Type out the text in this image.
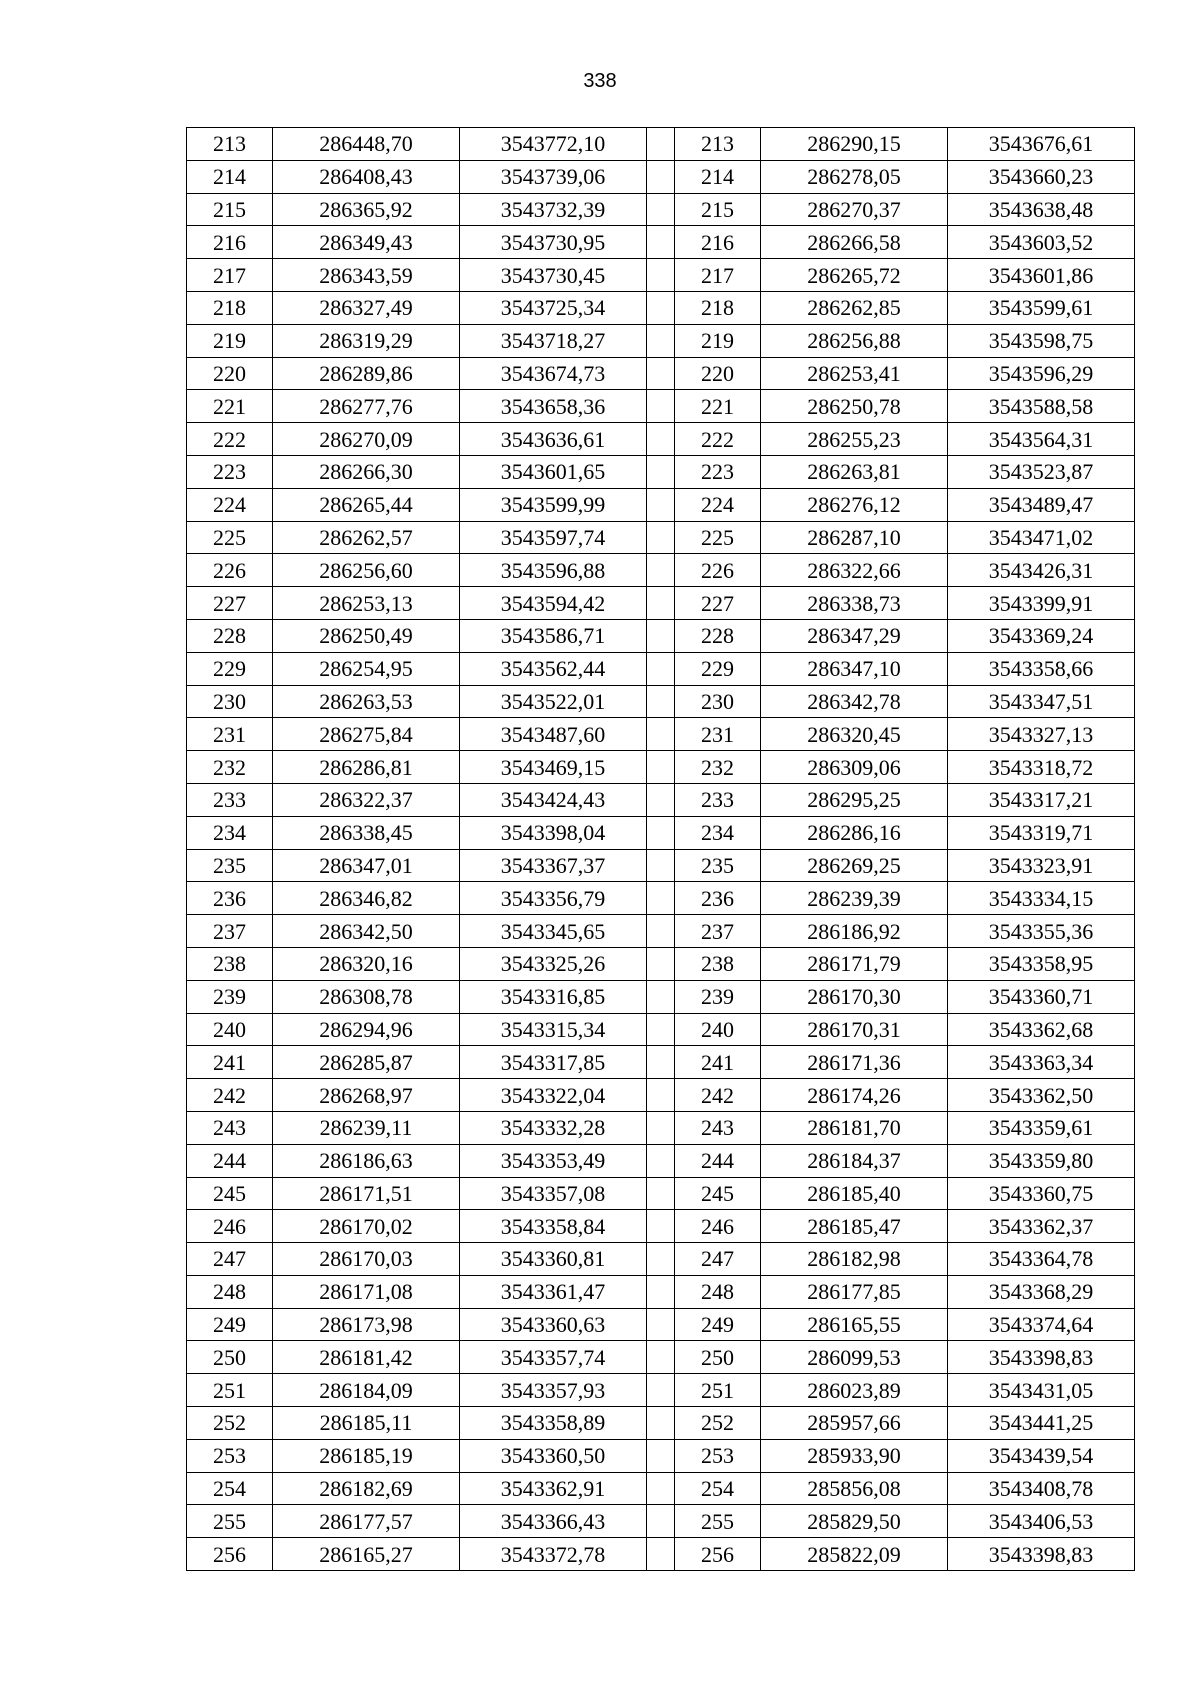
338
213	286448,70	3543772,10		213	286290,15	3543676,61
214	286408,43	3543739,06		214	286278,05	3543660,23
215	286365,92	3543732,39		215	286270,37	3543638,48
216	286349,43	3543730,95		216	286266,58	3543603,52
217	286343,59	3543730,45		217	286265,72	3543601,86
218	286327,49	3543725,34		218	286262,85	3543599,61
219	286319,29	3543718,27		219	286256,88	3543598,75
220	286289,86	3543674,73		220	286253,41	3543596,29
221	286277,76	3543658,36		221	286250,78	3543588,58
222	286270,09	3543636,61		222	286255,23	3543564,31
223	286266,30	3543601,65		223	286263,81	3543523,87
224	286265,44	3543599,99		224	286276,12	3543489,47
225	286262,57	3543597,74		225	286287,10	3543471,02
226	286256,60	3543596,88		226	286322,66	3543426,31
227	286253,13	3543594,42		227	286338,73	3543399,91
228	286250,49	3543586,71		228	286347,29	3543369,24
229	286254,95	3543562,44		229	286347,10	3543358,66
230	286263,53	3543522,01		230	286342,78	3543347,51
231	286275,84	3543487,60		231	286320,45	3543327,13
232	286286,81	3543469,15		232	286309,06	3543318,72
233	286322,37	3543424,43		233	286295,25	3543317,21
234	286338,45	3543398,04		234	286286,16	3543319,71
235	286347,01	3543367,37		235	286269,25	3543323,91
236	286346,82	3543356,79		236	286239,39	3543334,15
237	286342,50	3543345,65		237	286186,92	3543355,36
238	286320,16	3543325,26		238	286171,79	3543358,95
239	286308,78	3543316,85		239	286170,30	3543360,71
240	286294,96	3543315,34		240	286170,31	3543362,68
241	286285,87	3543317,85		241	286171,36	3543363,34
242	286268,97	3543322,04		242	286174,26	3543362,50
243	286239,11	3543332,28		243	286181,70	3543359,61
244	286186,63	3543353,49		244	286184,37	3543359,80
245	286171,51	3543357,08		245	286185,40	3543360,75
246	286170,02	3543358,84		246	286185,47	3543362,37
247	286170,03	3543360,81		247	286182,98	3543364,78
248	286171,08	3543361,47		248	286177,85	3543368,29
249	286173,98	3543360,63		249	286165,55	3543374,64
250	286181,42	3543357,74		250	286099,53	3543398,83
251	286184,09	3543357,93		251	286023,89	3543431,05
252	286185,11	3543358,89		252	285957,66	3543441,25
253	286185,19	3543360,50		253	285933,90	3543439,54
254	286182,69	3543362,91		254	285856,08	3543408,78
255	286177,57	3543366,43		255	285829,50	3543406,53
256	286165,27	3543372,78		256	285822,09	3543398,83
